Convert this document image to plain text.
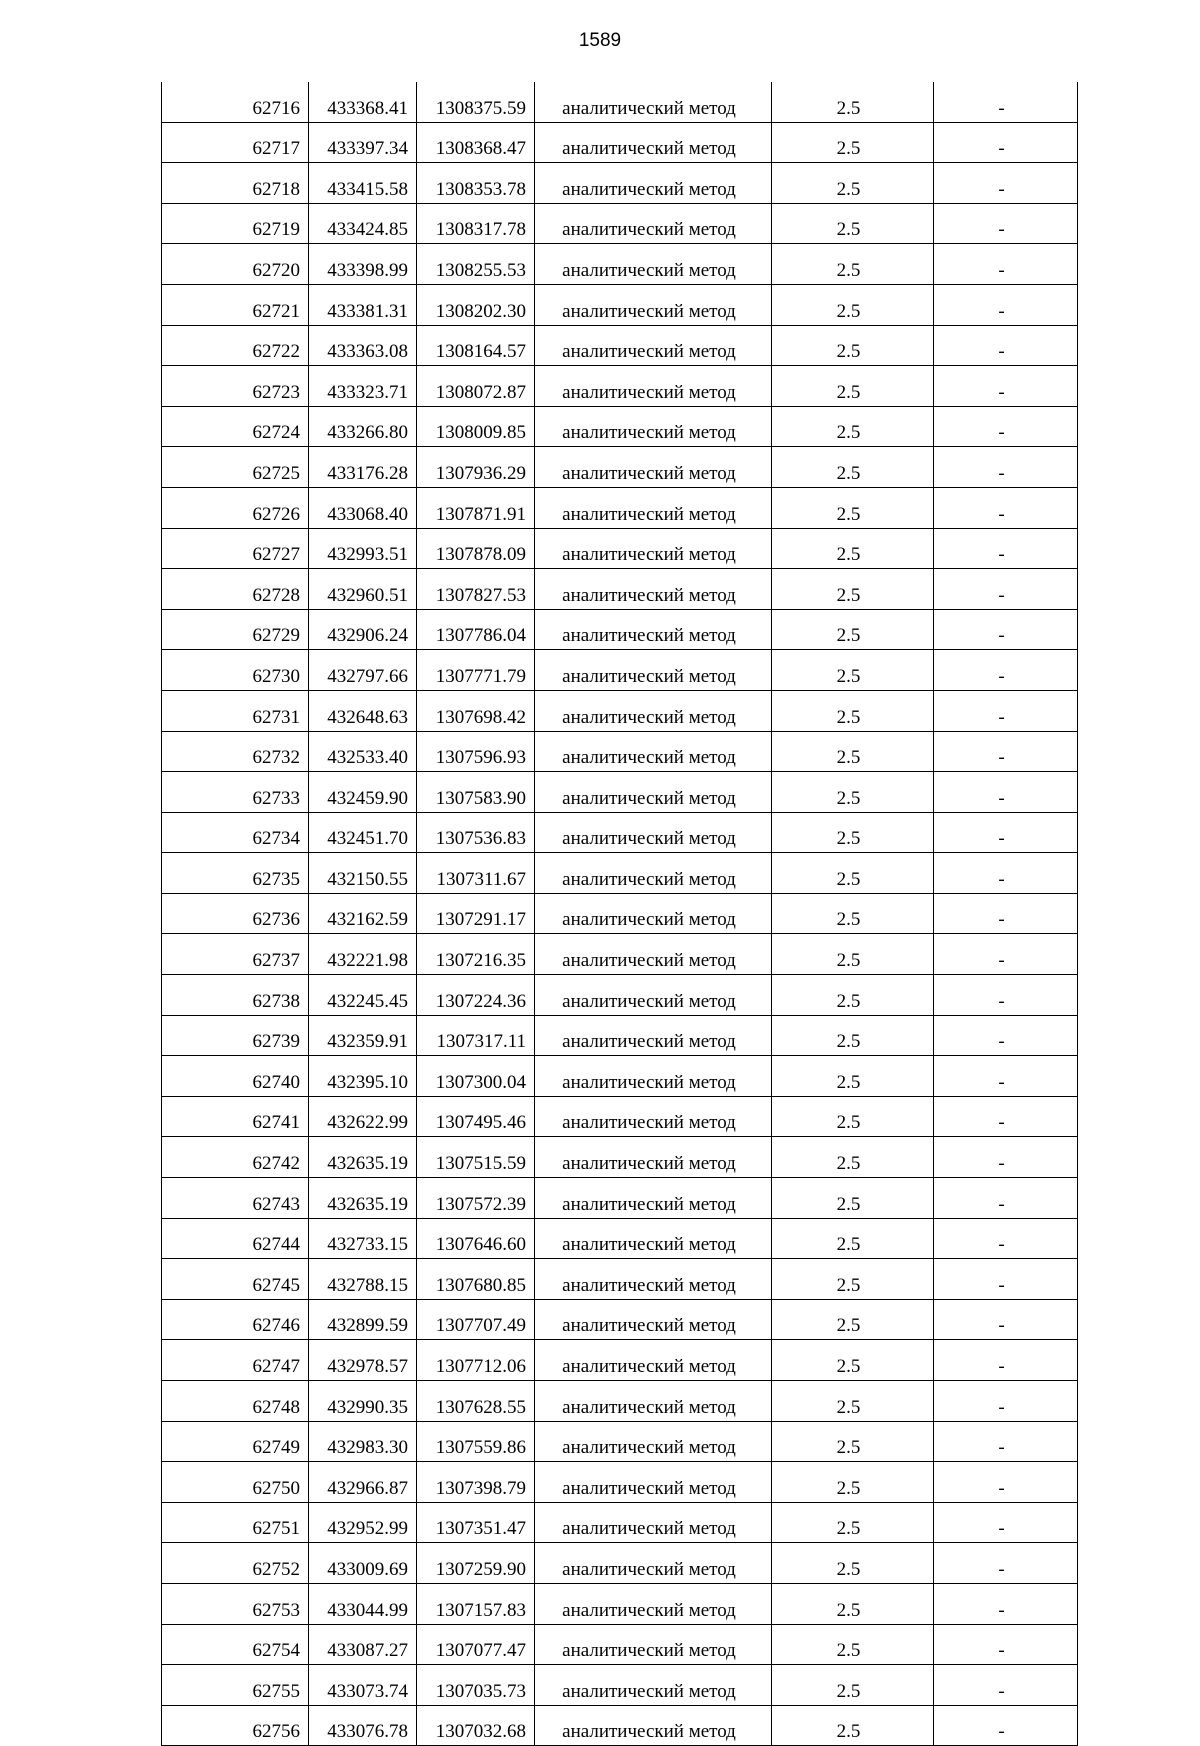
1589
62716	433368.41	1308375.59	аналитический метод	2.5	-
62717	433397.34	1308368.47	аналитический метод	2.5	-
62718	433415.58	1308353.78	аналитический метод	2.5	-
62719	433424.85	1308317.78	аналитический метод	2.5	-
62720	433398.99	1308255.53	аналитический метод	2.5	-
62721	433381.31	1308202.30	аналитический метод	2.5	-
62722	433363.08	1308164.57	аналитический метод	2.5	-
62723	433323.71	1308072.87	аналитический метод	2.5	-
62724	433266.80	1308009.85	аналитический метод	2.5	-
62725	433176.28	1307936.29	аналитический метод	2.5	-
62726	433068.40	1307871.91	аналитический метод	2.5	-
62727	432993.51	1307878.09	аналитический метод	2.5	-
62728	432960.51	1307827.53	аналитический метод	2.5	-
62729	432906.24	1307786.04	аналитический метод	2.5	-
62730	432797.66	1307771.79	аналитический метод	2.5	-
62731	432648.63	1307698.42	аналитический метод	2.5	-
62732	432533.40	1307596.93	аналитический метод	2.5	-
62733	432459.90	1307583.90	аналитический метод	2.5	-
62734	432451.70	1307536.83	аналитический метод	2.5	-
62735	432150.55	1307311.67	аналитический метод	2.5	-
62736	432162.59	1307291.17	аналитический метод	2.5	-
62737	432221.98	1307216.35	аналитический метод	2.5	-
62738	432245.45	1307224.36	аналитический метод	2.5	-
62739	432359.91	1307317.11	аналитический метод	2.5	-
62740	432395.10	1307300.04	аналитический метод	2.5	-
62741	432622.99	1307495.46	аналитический метод	2.5	-
62742	432635.19	1307515.59	аналитический метод	2.5	-
62743	432635.19	1307572.39	аналитический метод	2.5	-
62744	432733.15	1307646.60	аналитический метод	2.5	-
62745	432788.15	1307680.85	аналитический метод	2.5	-
62746	432899.59	1307707.49	аналитический метод	2.5	-
62747	432978.57	1307712.06	аналитический метод	2.5	-
62748	432990.35	1307628.55	аналитический метод	2.5	-
62749	432983.30	1307559.86	аналитический метод	2.5	-
62750	432966.87	1307398.79	аналитический метод	2.5	-
62751	432952.99	1307351.47	аналитический метод	2.5	-
62752	433009.69	1307259.90	аналитический метод	2.5	-
62753	433044.99	1307157.83	аналитический метод	2.5	-
62754	433087.27	1307077.47	аналитический метод	2.5	-
62755	433073.74	1307035.73	аналитический метод	2.5	-
62756	433076.78	1307032.68	аналитический метод	2.5	-
